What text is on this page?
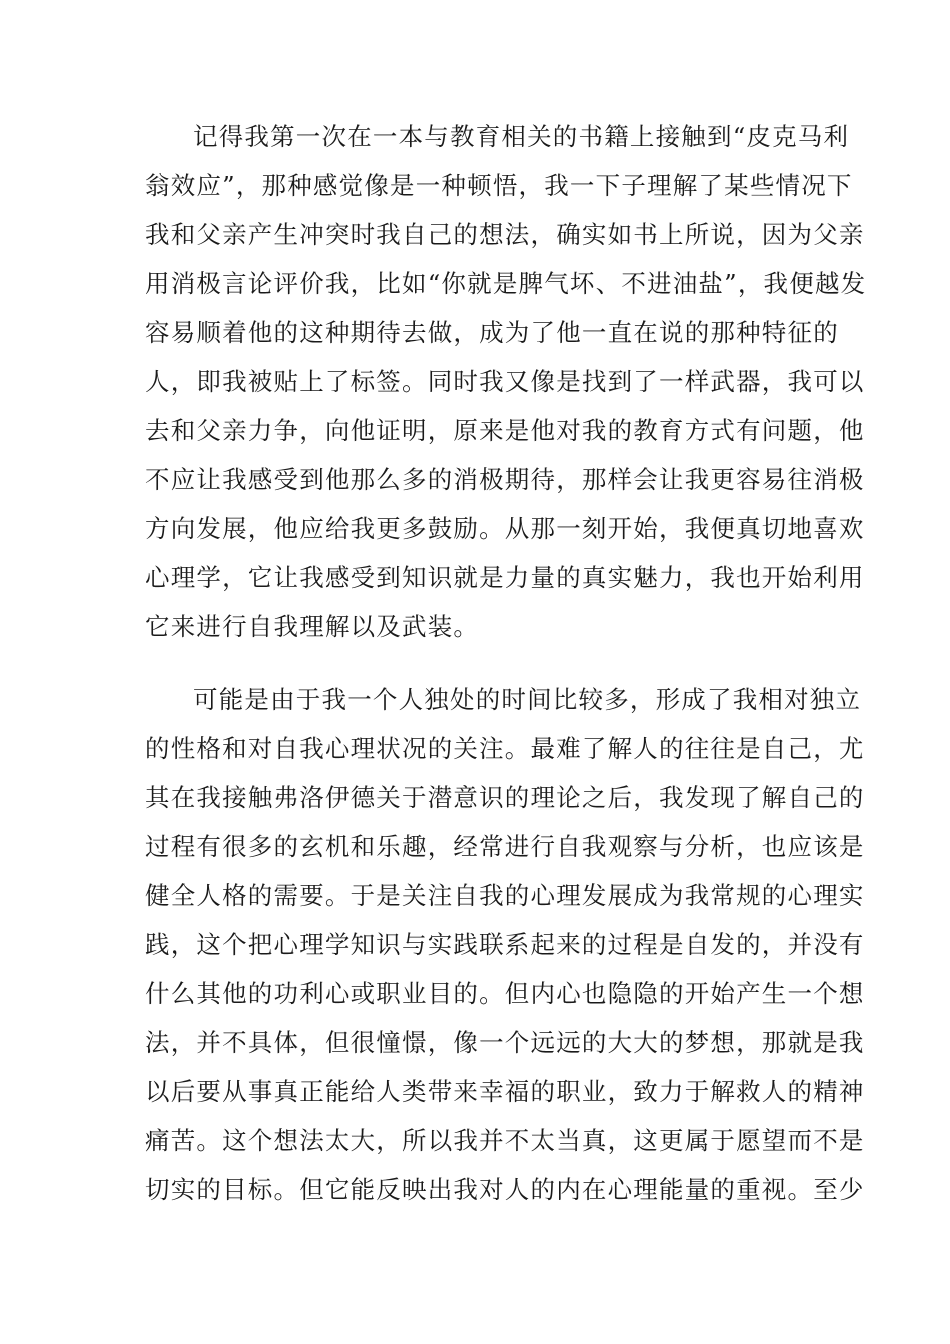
记得我第一次在一本与教育相关的书籍上接触到“皮克马利
翁效应”，那种感觉像是一种顿悟，我一下子理解了某些情况下
我和父亲产生冲突时我自己的想法，确实如书上所说，因为父亲
用消极言论评价我，比如“你就是脾气坏、不进油盐”，我便越发
容易顺着他的这种期待去做，成为了他一直在说的那种特征的
人，即我被贴上了标签。同时我又像是找到了一样武器，我可以
去和父亲力争，向他证明，原来是他对我的教育方式有问题，他
不应让我感受到他那么多的消极期待，那样会让我更容易往消极
方向发展，他应给我更多鼓励。从那一刻开始，我便真切地喜欢
心理学，它让我感受到知识就是力量的真实魅力，我也开始利用
它来进行自我理解以及武装。
可能是由于我一个人独处的时间比较多，形成了我相对独立
的性格和对自我心理状况的关注。最难了解人的往往是自己，尤
其在我接触弗洛伊德关于潜意识的理论之后，我发现了解自己的
过程有很多的玄机和乐趣，经常进行自我观察与分析，也应该是
健全人格的需要。于是关注自我的心理发展成为我常规的心理实
践，这个把心理学知识与实践联系起来的过程是自发的，并没有
什么其他的功利心或职业目的。但内心也隐隐的开始产生一个想
法，并不具体，但很憧憬，像一个远远的大大的梦想，那就是我
以后要从事真正能给人类带来幸福的职业，致力于解救人的精神
痛苦。这个想法太大，所以我并不太当真，这更属于愿望而不是
切实的目标。但它能反映出我对人的内在心理能量的重视。至少
